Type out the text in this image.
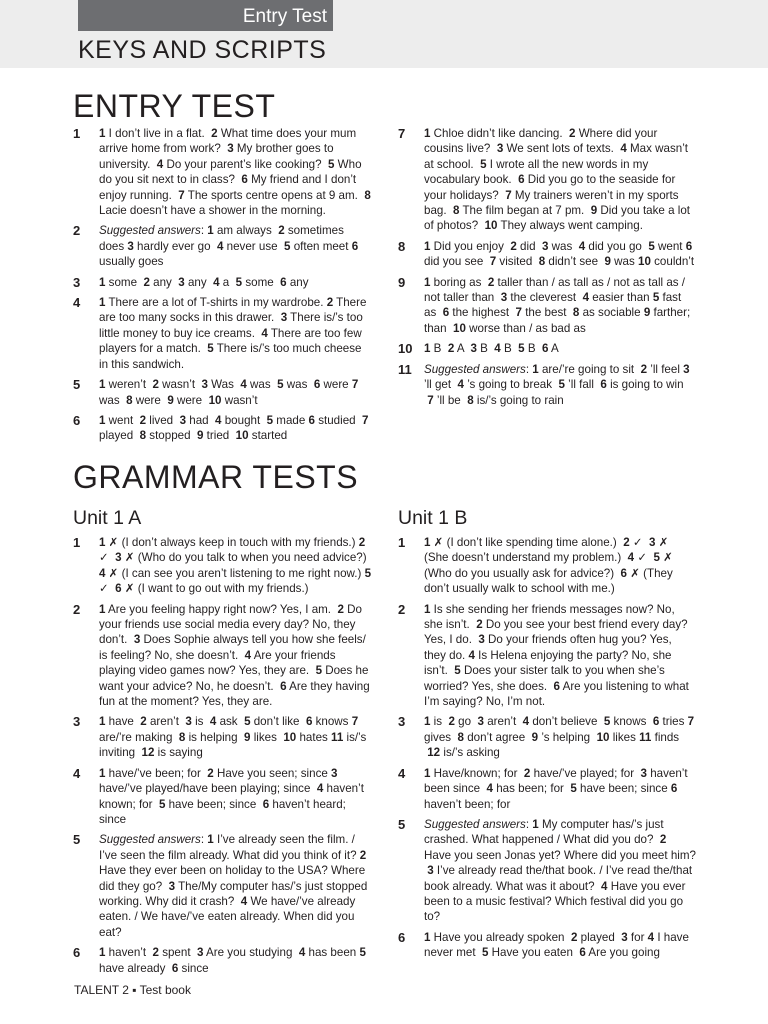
Entry Test
KEYS AND SCRIPTS
ENTRY TEST
1	1 I don’t live in a flat.  2 What time does your mum arrive home from work?  3 My brother goes to university.  4 Do your parent’s like cooking?  5 Who do you sit next to in class?  6 My friend and I don’t enjoy running.  7 The sports centre opens at 9 am.  8 Lacie doesn’t have a shower in the morning.
2	Suggested answers: 1 am always  2 sometimes does 3 hardly ever go  4 never use  5 often meet 6 usually goes
3	1 some  2 any  3 any  4 a  5 some  6 any
4	1 There are a lot of T-shirts in my wardrobe. 2 There are too many socks in this drawer.  3 There is/’s too little money to buy ice creams.  4 There are too few players for a match.  5 There is/’s too much cheese in this sandwich.
5	1 weren’t  2 wasn’t  3 Was  4 was  5 was  6 were 7 was  8 were  9 were  10 wasn’t
6	1 went  2 lived  3 had  4 bought  5 made 6 studied  7 played  8 stopped  9 tried  10 started
7	1 Chloe didn’t like dancing.  2 Where did your cousins live?  3 We sent lots of texts.  4 Max wasn’t at school.  5 I wrote all the new words in my vocabulary book.  6 Did you go to the seaside for your holidays?  7 My trainers weren’t in my sports bag.  8 The film began at 7 pm.  9 Did you take a lot of photos?  10 They always went camping.
8	1 Did you enjoy  2 did  3 was  4 did you go  5 went 6 did you see  7 visited  8 didn’t see  9 was 10 couldn’t
9	1 boring as  2 taller than / as tall as / not as tall as / not taller than  3 the cleverest  4 easier than 5 fast as  6 the highest  7 the best  8 as sociable 9 farther; than  10 worse than / as bad as
10 1 B  2 A  3 B  4 B  5 B  6 A
11	Suggested answers: 1 are/’re going to sit  2 ’ll feel 3 ’ll get  4 ’s going to break  5 ’ll fall  6 is going to win  7 ’ll be  8 is/’s going to rain
GRAMMAR TESTS
Unit 1 A	Unit 1 B
1	1 ✗ (I don’t always keep in touch with my friends.) 2 ✓  3 ✗ (Who do you talk to when you need advice?) 4 ✗ (I can see you aren’t listening to me right now.) 5 ✓  6 ✗ (I want to go out with my friends.)
2	1 Are you feeling happy right now? Yes, I am.  2 Do your friends use social media every day? No, they don’t.  3 Does Sophie always tell you how she feels/ is feeling? No, she doesn’t.  4 Are your friends playing video games now? Yes, they are.  5 Does he want your advice? No, he doesn’t.  6 Are they having fun at the moment? Yes, they are.
3	1 have  2 aren’t  3 is  4 ask  5 don’t like  6 knows 7 are/’re making  8 is helping  9 likes  10 hates 11 is/’s inviting  12 is saying
4	1 have/’ve been; for  2 Have you seen; since 3 have/’ve played/have been playing; since  4 haven’t known; for  5 have been; since  6 haven’t heard; since
5	Suggested answers: 1 I’ve already seen the film. / I’ve seen the film already. What did you think of it? 2 Have they ever been on holiday to the USA? Where did they go?  3 The/My computer has/’s just stopped working. Why did it crash?  4 We have/’ve already eaten. / We have/’ve eaten already. When did you eat?
6	1 haven’t  2 spent  3 Are you studying  4 has been 5 have already  6 since
1	1 ✗ (I don’t like spending time alone.)  2 ✓  3 ✗ (She doesn’t understand my problem.)  4 ✓  5 ✗ (Who do you usually ask for advice?)  6 ✗ (They don’t usually walk to school with me.)
2	1 Is she sending her friends messages now? No, she isn’t.  2 Do you see your best friend every day? Yes, I do.  3 Do your friends often hug you? Yes, they do. 4 Is Helena enjoying the party? No, she isn’t.  5 Does your sister talk to you when she’s worried? Yes, she does.  6 Are you listening to what I’m saying? No, I’m not.
3	1 is  2 go  3 aren’t  4 don’t believe  5 knows  6 tries 7 gives  8 don’t agree  9 ’s helping  10 likes 11 finds  12 is/’s asking
4	1 Have/known; for  2 have/’ve played; for  3 haven’t been since  4 has been; for  5 have been; since 6 haven’t been; for
5	Suggested answers: 1 My computer has/’s just crashed. What happened / What did you do?  2 Have you seen Jonas yet? Where did you meet him?  3 I’ve already read the/that book. / I’ve read the/that book already. What was it about?  4 Have you ever been to a music festival? Which festival did you go to?
6	1 Have you already spoken  2 played  3 for 4 I have never met  5 Have you eaten  6 Are you going
TALENT 2 ▪ Test book
